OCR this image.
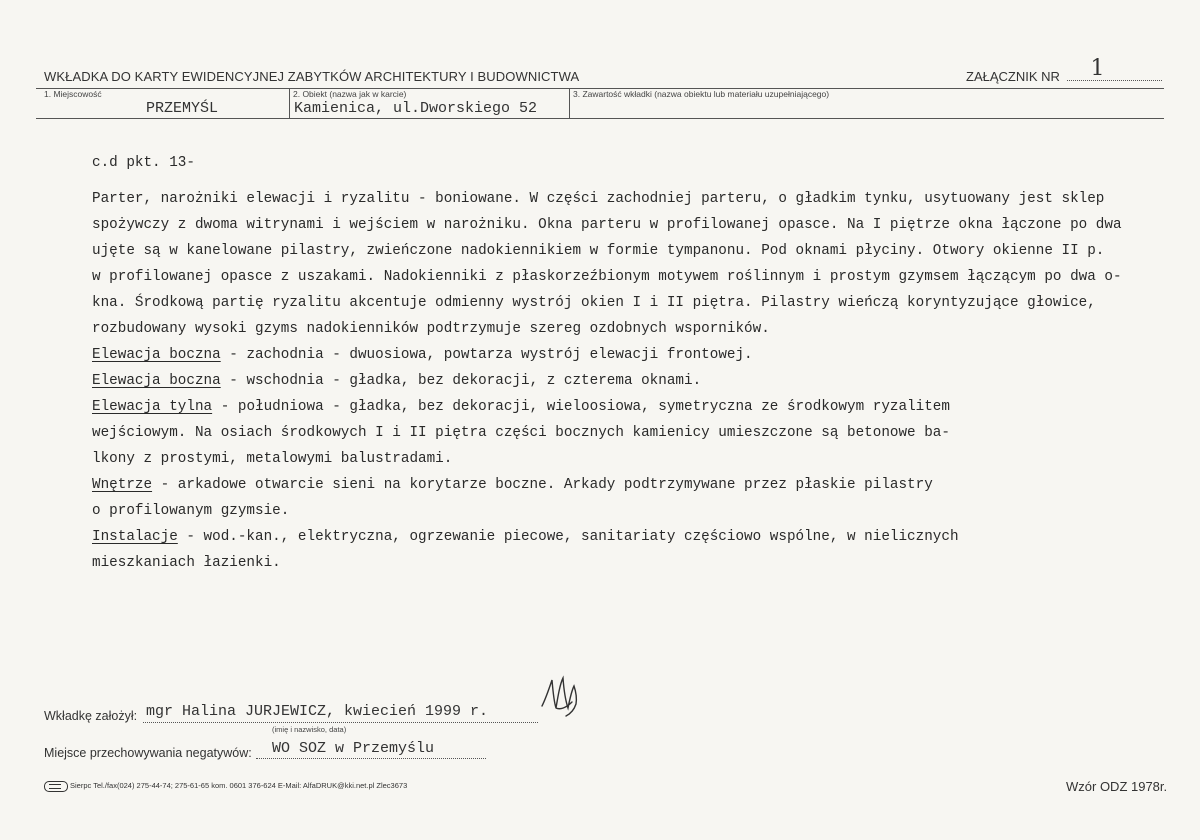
WKŁADKA DO KARTY EWIDENCYJNEJ ZABYTKÓW ARCHITEKTURY I BUDOWNICTWA	ZAŁĄCZNIK NR 1
1. Miejscowość
PRZEMYŚL
2. Obiekt (nazwa jak w karcie)
Kamienica, ul.Dworskiego 52
3. Zawartość wkładki (nazwa obiektu lub materiału uzupełniającego)

c.d pkt. 13-

Parter, narożniki elewacji i ryzalitu - boniowane. W części zachodniej parteru, o gładkim tynku, usytuowany jest sklep

spożywczy z dwoma witrynami i wejściem w narożniku. Okna parteru w profilowanej opasce. Na I piętrze okna łączone po dwa

ujęte są w kanelowane pilastry, zwieńczone nadokiennikiem w formie tympanonu. Pod oknami płyciny. Otwory okienne II p.

w profilowanej opasce z uszakami. Nadokienniki z płaskorzeźbionym motywem roślinnym i prostym gzymsem łączącym po dwa o-

kna. Środkową partię ryzalitu akcentuje odmienny wystrój okien I i II piętra. Pilastry wieńczą koryntyzujące głowice,

rozbudowany wysoki gzyms nadokienników podtrzymuje szereg ozdobnych wsporników.

Elewacja boczna - zachodnia - dwuosiowa, powtarza wystrój elewacji frontowej.

Elewacja boczna - wschodnia - gładka, bez dekoracji, z czterema oknami.

Elewacja tylna - południowa - gładka, bez dekoracji, wieloosiowa, symetryczna ze środkowym ryzalitem

wejściowym. Na osiach środkowych I i II piętra części bocznych kamienicy umieszczone są betonowe ba-

lkony z prostymi, metalowymi balustradami.

Wnętrze - arkadowe otwarcie sieni na korytarze boczne. Arkady podtrzymywane przez płaskie pilastry

o profilowanym gzymsie.

Instalacje - wod.-kan., elektryczna, ogrzewanie piecowe, sanitariaty częściowo wspólne, w nielicznych

mieszkaniach łazienki.

Wkładkę założył: mgr Halina JURJEWICZ, kwiecień 1999 r.
(imię i nazwisko, data)
Miejsce przechowywania negatywów: WO SOZ w Przemyślu
Sierpc Tel./fax(024) 275-44-74; 275-61-65 kom. 0601 376-624 E-Mail: AlfaDRUK@kki.net.pl Zlec3673	Wzór ODZ 1978r.
